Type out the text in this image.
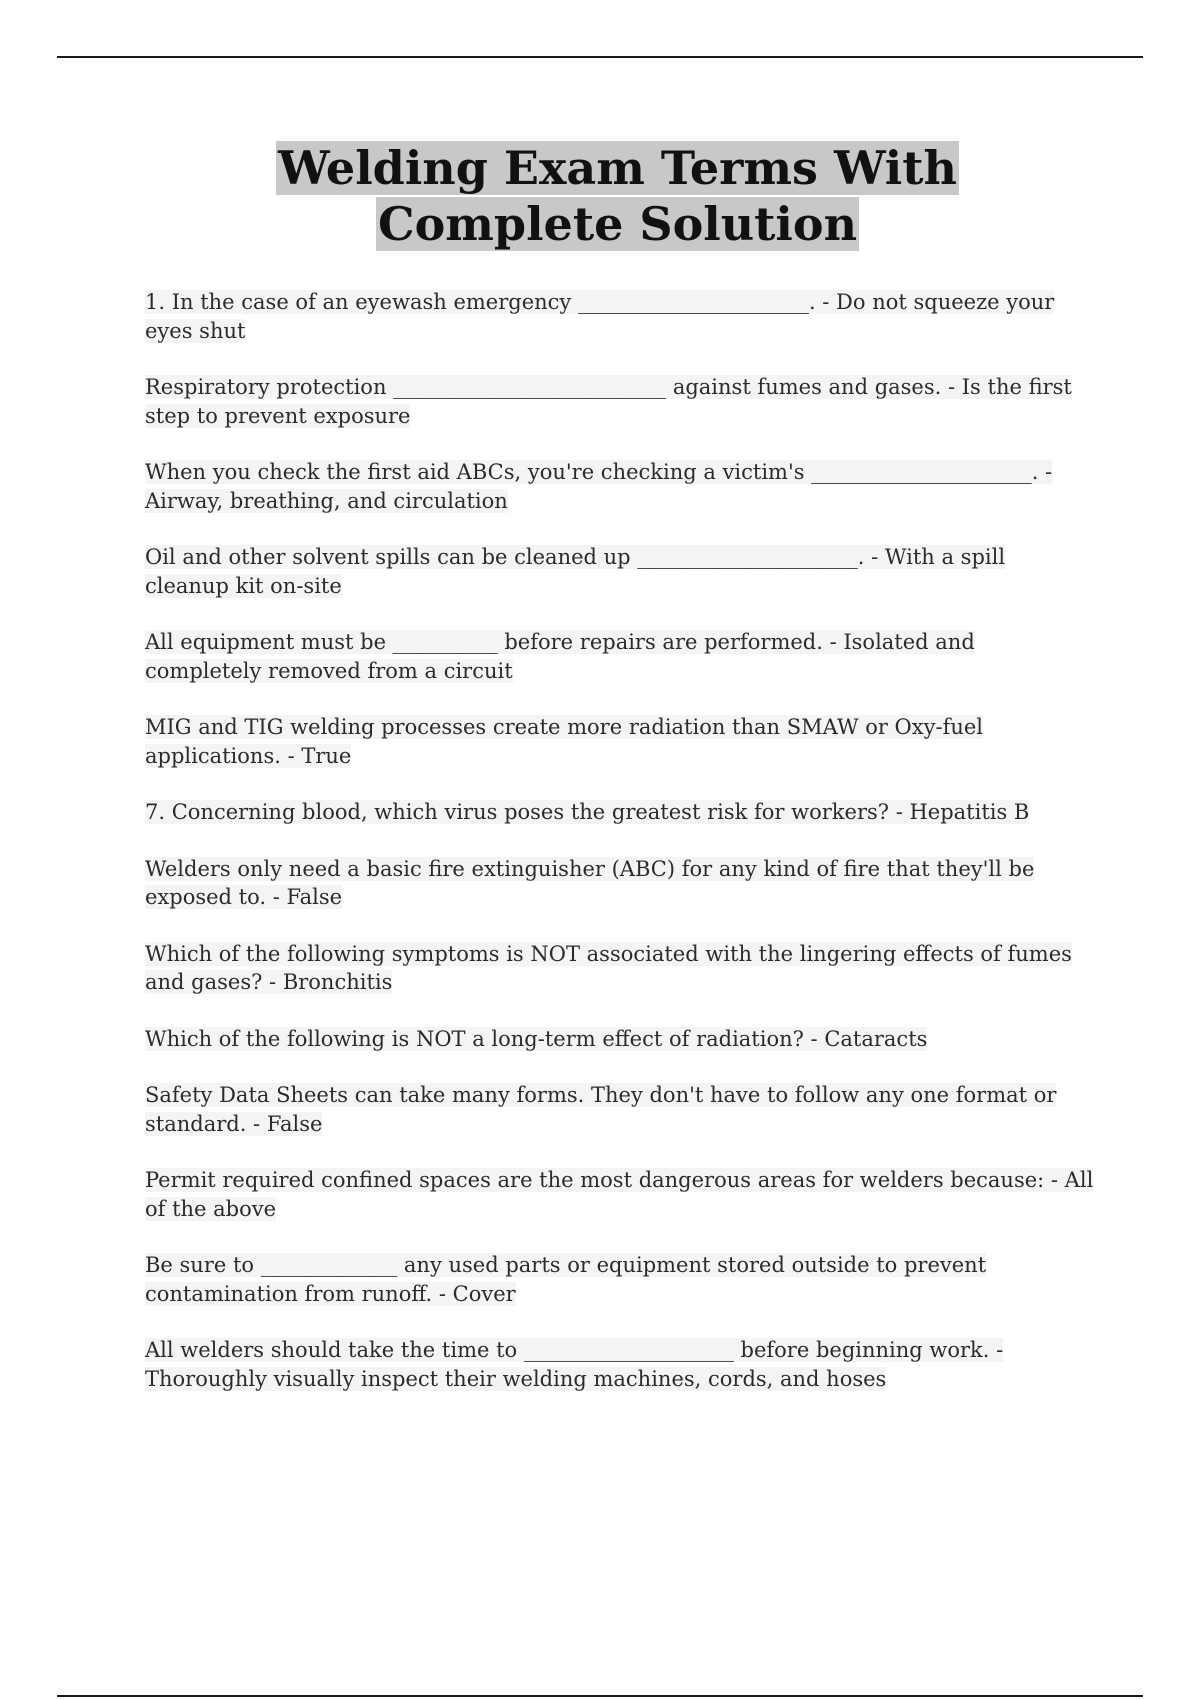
Welding Exam Terms With Complete Solution

1. In the case of an eyewash emergency ______________________. - Do not squeeze your eyes shut

Respiratory protection __________________________ against fumes and gases. - Is the first step to prevent exposure

When you check the first aid ABCs, you're checking a victim's _____________________. - Airway, breathing, and circulation

Oil and other solvent spills can be cleaned up _____________________. - With a spill cleanup kit on-site

All equipment must be __________ before repairs are performed. - Isolated and completely removed from a circuit

MIG and TIG welding processes create more radiation than SMAW or Oxy-fuel applications. - True

7. Concerning blood, which virus poses the greatest risk for workers? - Hepatitis B

Welders only need a basic fire extinguisher (ABC) for any kind of fire that they'll be exposed to. - False

Which of the following symptoms is NOT associated with the lingering effects of fumes and gases? - Bronchitis

Which of the following is NOT a long-term effect of radiation? - Cataracts

Safety Data Sheets can take many forms. They don't have to follow any one format or standard. - False

Permit required confined spaces are the most dangerous areas for welders because: - All of the above

Be sure to _____________ any used parts or equipment stored outside to prevent contamination from runoff. - Cover

All welders should take the time to ____________________ before beginning work. - Thoroughly visually inspect their welding machines, cords, and hoses
